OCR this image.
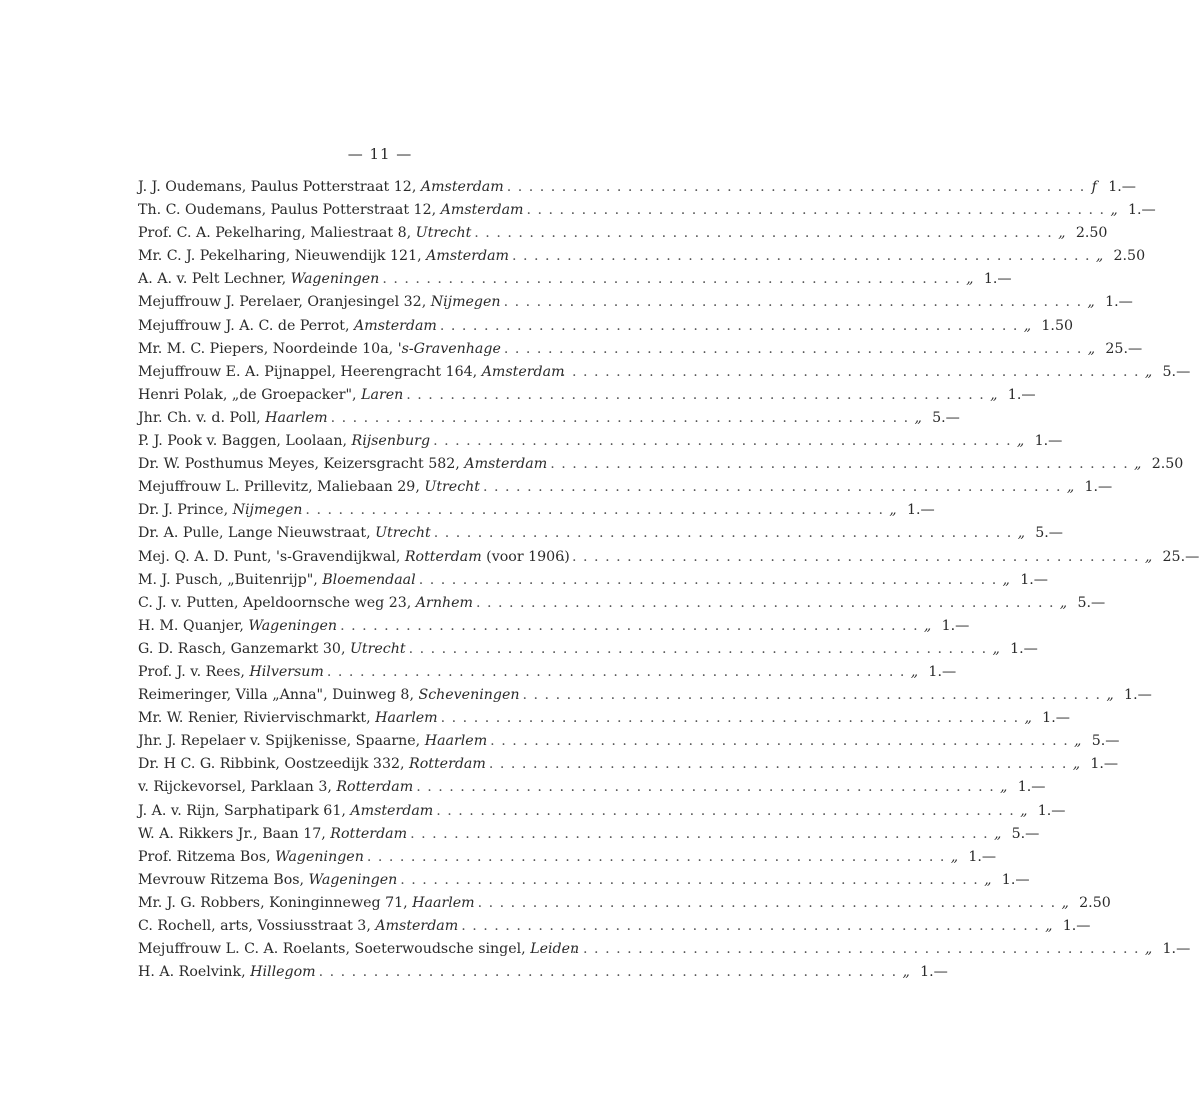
— 11 —
J. J. Oudemans, Paulus Potterstraat 12, Amsterdam . . .	f 1.—
Th. C. Oudemans, Paulus Potterstraat 12, Amsterdam . . .	„ 1.—
Prof. C. A. Pekelharing, Maliestraat 8, Utrecht . . .	„ 2.50
Mr. C. J. Pekelharing, Nieuwendijk 121, Amsterdam . . .	„ 2.50
A. A. v. Pelt Lechner, Wageningen . . .	„ 1.—
Mejuffrouw J. Perelaer, Oranjesingel 32, Nijmegen . . .	„ 1.—
Mejuffrouw J. A. C. de Perrot, Amsterdam . . .	„ 1.50
Mr. M. C. Piepers, Noordeinde 10a, 's-Gravenhage . . .	„ 25.—
Mejuffrouw E. A. Pijnappel, Heerengracht 164, Amsterdam . . .	„ 5.—
Henri Polak, „de Groepacker", Laren . . .	„ 1.—
Jhr. Ch. v. d. Poll, Haarlem . . .	„ 5.—
P. J. Pook v. Baggen, Loolaan, Rijsenburg . . .	„ 1.—
Dr. W. Posthumus Meyes, Keizersgracht 582, Amsterdam . . .	„ 2.50
Mejuffrouw L. Prillevitz, Maliebaan 29, Utrecht . . .	„ 1.—
Dr. J. Prince, Nijmegen . . .	„ 1.—
Dr. A. Pulle, Lange Nieuwstraat, Utrecht . . .	„ 5.—
Mej. Q. A. D. Punt, 's-Gravendijkwal, Rotterdam (voor 1906) . . .	„ 25.—
M. J. Pusch, „Buitenrijp", Bloemendaal . . .	„ 1.—
C. J. v. Putten, Apeldoornsche weg 23, Arnhem . . .	„ 5.—
H. M. Quanjer, Wageningen . . .	„ 1.—
G. D. Rasch, Ganzemarkt 30, Utrecht . . .	„ 1.—
Prof. J. v. Rees, Hilversum . . .	„ 1.—
Reimeringer, Villa „Anna", Duinweg 8, Scheveningen . . .	„ 1.—
Mr. W. Renier, Riviervischmarkt, Haarlem . . .	„ 1.—
Jhr. J. Repelaer v. Spijkenisse, Spaarne, Haarlem . . .	„ 5.—
Dr. H C. G. Ribbink, Oostzeedijk 332, Rotterdam . . .	„ 1.—
v. Rijckevorsel, Parklaan 3, Rotterdam . . .	„ 1.—
J. A. v. Rijn, Sarphatipark 61, Amsterdam . . .	„ 1.—
W. A. Rikkers Jr., Baan 17, Rotterdam . . .	„ 5.—
Prof. Ritzema Bos, Wageningen . . .	„ 1.—
Mevrouw Ritzema Bos, Wageningen . . .	„ 1.—
Mr. J. G. Robbers, Koninginneweg 71, Haarlem . . .	„ 2.50
C. Rochell, arts, Vossiusstraat 3, Amsterdam . . .	„ 1.—
Mejuffrouw L. C. A. Roelants, Soeterwoudsche singel, Leiden . . .	„ 1.—
H. A. Roelvink, Hillegom . . .	„ 1.—
